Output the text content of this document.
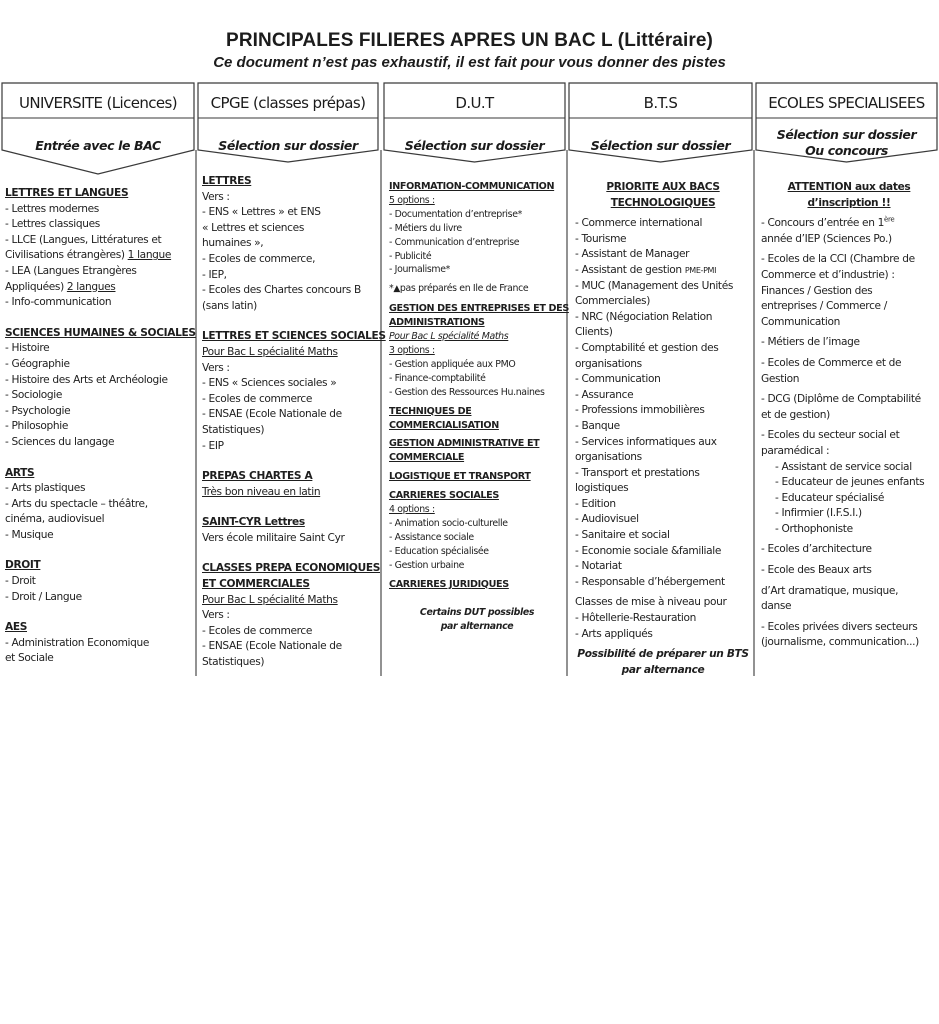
PRINCIPALES FILIERES APRES UN BAC L (Littéraire)
Ce document n’est pas exhaustif, il est fait pour vous donner des pistes
UNIVERSITE (Licences)
Entrée avec le BAC
LETTRES ET LANGUES
- Lettres modernes
- Lettres classiques
- LLCE (Langues, Littératures et
Civilisations étrangères) 1 langue
- LEA (Langues Etrangères
Appliquées) 2 langues
- Info-communication
SCIENCES HUMAINES & SOCIALES
- Histoire
- Géographie
- Histoire des Arts et Archéologie
- Sociologie
- Psychologie
- Philosophie
- Sciences du langage
ARTS
- Arts plastiques
- Arts du spectacle – théâtre,
cinéma, audiovisuel
- Musique
DROIT
- Droit
- Droit / Langue
AES
- Administration Economique
et Sociale
CPGE (classes prépas)
Sélection sur dossier
LETTRES
Vers :
- ENS « Lettres » et ENS
« Lettres et sciences
humaines »,
- Ecoles de commerce,
- IEP,
- Ecoles des Chartes concours B
(sans latin)
LETTRES ET SCIENCES SOCIALES
Pour Bac L spécialité Maths
Vers :
- ENS « Sciences sociales »
- Ecoles de commerce
- ENSAE (Ecole Nationale de
Statistiques)
- EIP
PREPAS CHARTES A
Très bon niveau en latin
SAINT-CYR Lettres
Vers école militaire Saint Cyr
CLASSES PREPA ECONOMIQUES
ET COMMERCIALES
Pour Bac L spécialité Maths
Vers :
- Ecoles de commerce
- ENSAE (Ecole Nationale de
Statistiques)
D.U.T
Sélection sur dossier
INFORMATION-COMMUNICATION
5 options :
- Documentation d’entreprise*
- Métiers du livre
- Communication d’entreprise
- Publicité
- Journalisme*
*▲pas préparés en Ile de France
GESTION DES ENTREPRISES ET DES
ADMINISTRATIONS
Pour Bac L spécialité Maths
3 options :
- Gestion appliquée aux PMO
- Finance-comptabilité
- Gestion des Ressources Hu.naines
TECHNIQUES DE
COMMERCIALISATION
GESTION ADMINISTRATIVE ET
COMMERCIALE
LOGISTIQUE ET TRANSPORT
CARRIERES SOCIALES
4 options :
- Animation socio-culturelle
- Assistance sociale
- Education spécialisée
- Gestion urbaine
CARRIERES JURIDIQUES
Certains DUT possibles
par alternance
B.T.S
Sélection sur dossier
PRIORITE AUX BACS
TECHNOLOGIQUES
- Commerce international
- Tourisme
- Assistant de Manager
- Assistant de gestion PME-PMI
- MUC (Management des Unités
Commerciales)
- NRC (Négociation Relation
Clients)
- Comptabilité et gestion des
organisations
- Communication
- Assurance
- Professions immobilières
- Banque
- Services informatiques aux
organisations
- Transport et prestations
logistiques
- Edition
- Audiovisuel
- Sanitaire et social
- Economie sociale &familiale
- Notariat
- Responsable d’hébergement
Classes de mise à niveau pour
- Hôtellerie-Restauration
- Arts appliqués
Possibilité de préparer un BTS
par alternance
ECOLES SPECIALISEES
Sélection sur dossier
Ou concours
ATTENTION aux dates
d’inscription !!
- Concours d’entrée en 1ère
année d’IEP (Sciences Po.)
- Ecoles de la CCI (Chambre de
Commerce et d’industrie) :
Finances / Gestion des
entreprises / Commerce /
Communication
- Métiers de l’image
- Ecoles de Commerce et de
Gestion
- DCG (Diplôme de Comptabilité
et de gestion)
- Ecoles du secteur social et
paramédical :
- Assistant de service social
- Educateur de jeunes enfants
- Educateur spécialisé
- Infirmier (I.F.S.I.)
- Orthophoniste
- Ecoles d’architecture
- Ecole des Beaux arts
d’Art dramatique, musique,
danse
- Ecoles privées divers secteurs
(journalisme, communication...)
